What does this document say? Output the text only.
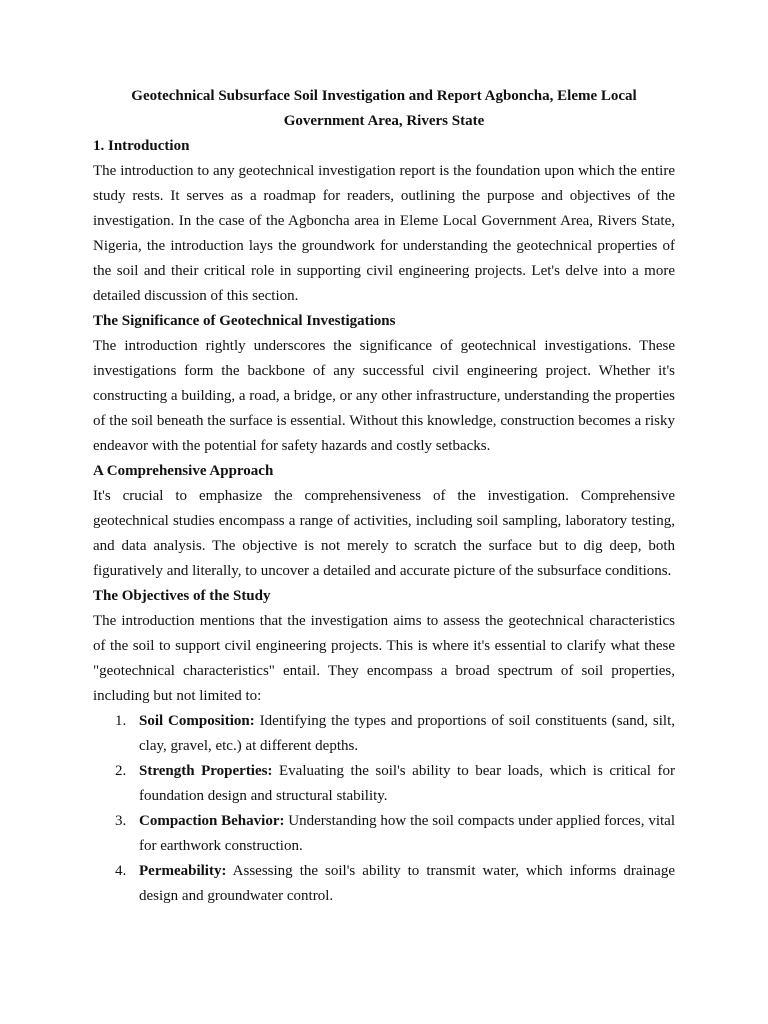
Geotechnical Subsurface Soil Investigation and Report Agboncha, Eleme Local Government Area, Rivers State

1. Introduction

The introduction to any geotechnical investigation report is the foundation upon which the entire study rests. It serves as a roadmap for readers, outlining the purpose and objectives of the investigation. In the case of the Agboncha area in Eleme Local Government Area, Rivers State, Nigeria, the introduction lays the groundwork for understanding the geotechnical properties of the soil and their critical role in supporting civil engineering projects. Let's delve into a more detailed discussion of this section.

The Significance of Geotechnical Investigations

The introduction rightly underscores the significance of geotechnical investigations. These investigations form the backbone of any successful civil engineering project. Whether it's constructing a building, a road, a bridge, or any other infrastructure, understanding the properties of the soil beneath the surface is essential. Without this knowledge, construction becomes a risky endeavor with the potential for safety hazards and costly setbacks.

A Comprehensive Approach

It's crucial to emphasize the comprehensiveness of the investigation. Comprehensive geotechnical studies encompass a range of activities, including soil sampling, laboratory testing, and data analysis. The objective is not merely to scratch the surface but to dig deep, both figuratively and literally, to uncover a detailed and accurate picture of the subsurface conditions.

The Objectives of the Study

The introduction mentions that the investigation aims to assess the geotechnical characteristics of the soil to support civil engineering projects. This is where it's essential to clarify what these "geotechnical characteristics" entail. They encompass a broad spectrum of soil properties, including but not limited to:

1. Soil Composition: Identifying the types and proportions of soil constituents (sand, silt, clay, gravel, etc.) at different depths.
2. Strength Properties: Evaluating the soil's ability to bear loads, which is critical for foundation design and structural stability.
3. Compaction Behavior: Understanding how the soil compacts under applied forces, vital for earthwork construction.
4. Permeability: Assessing the soil's ability to transmit water, which informs drainage design and groundwater control.
